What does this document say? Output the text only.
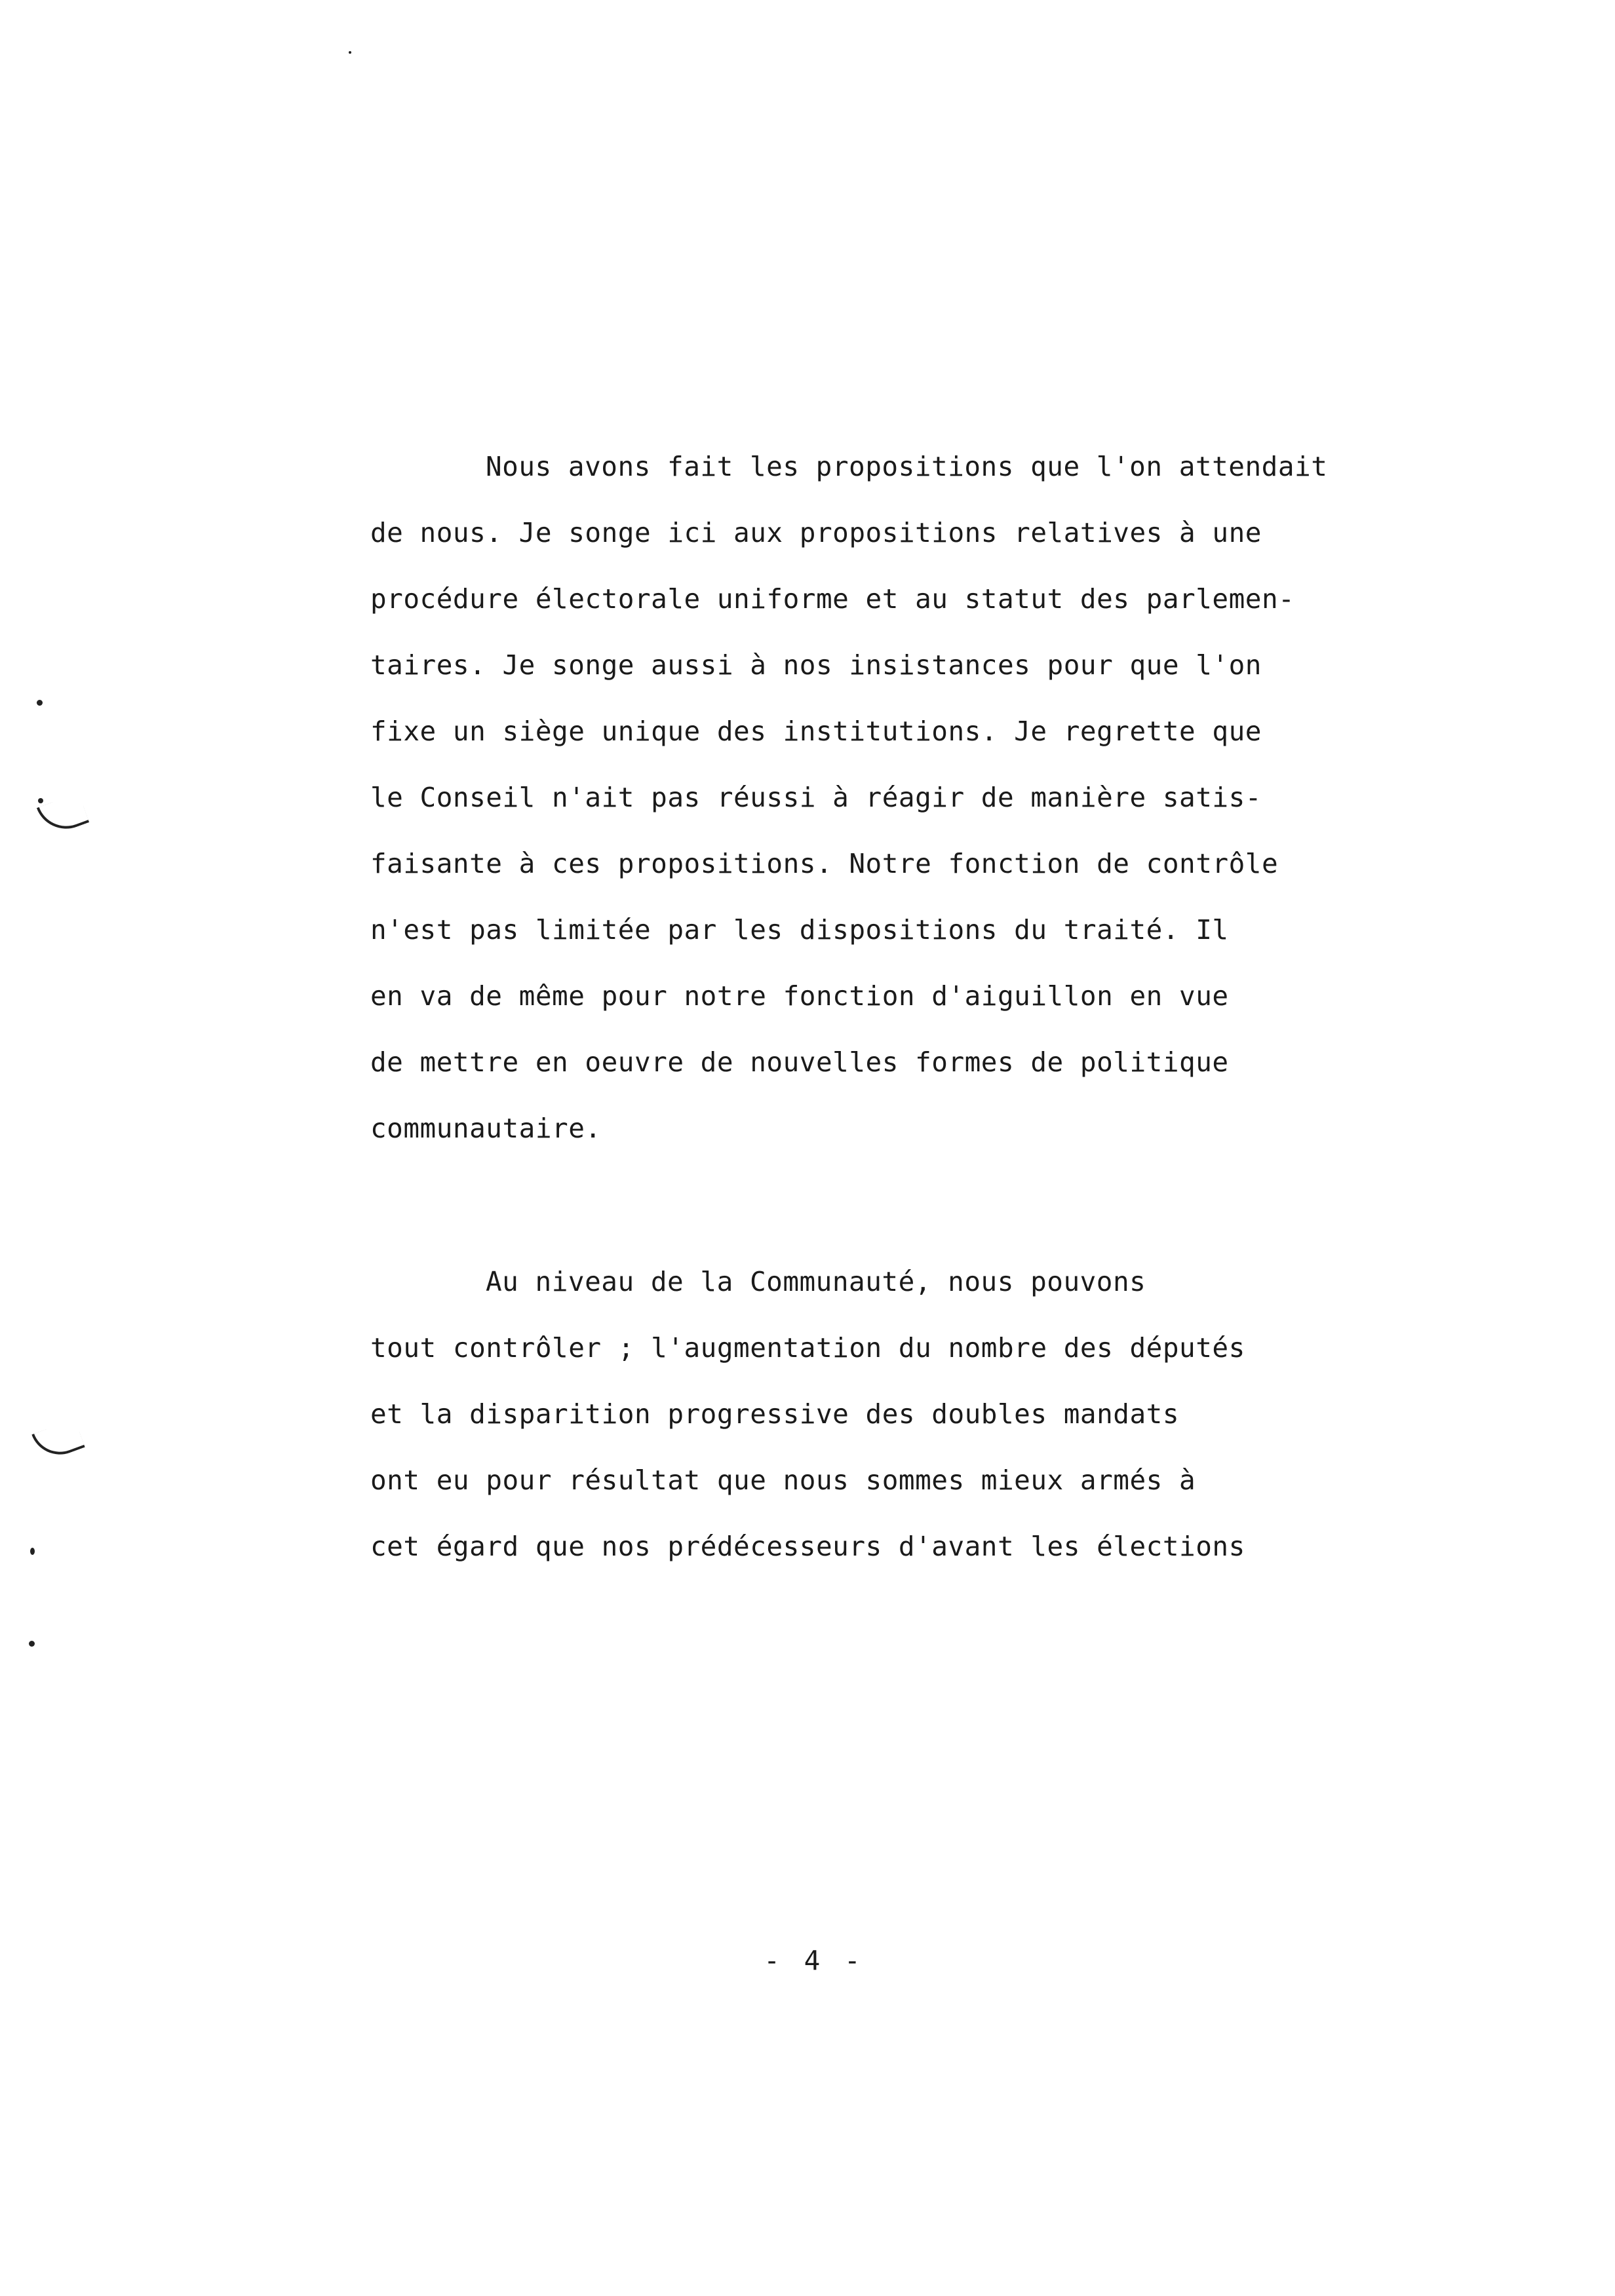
Nous avons fait les propositions que l'on attendait
de nous. Je songe ici aux propositions relatives à une
procédure électorale uniforme et au statut des parlemen-
taires. Je songe aussi à nos insistances pour que l'on
fixe un siège unique des institutions. Je regrette que
le Conseil n'ait pas réussi à réagir de manière satis-
faisante à ces propositions. Notre fonction de contrôle
n'est pas limitée par les dispositions du traité. Il
en va de même pour notre fonction d'aiguillon en vue
de mettre en oeuvre de nouvelles formes de politique
communautaire.
Au niveau de la Communauté, nous pouvons
tout contrôler ; l'augmentation du nombre des députés
et la disparition progressive des doubles mandats
ont eu pour résultat que nous sommes mieux armés à
cet égard que nos prédécesseurs d'avant les élections
- 4 -
